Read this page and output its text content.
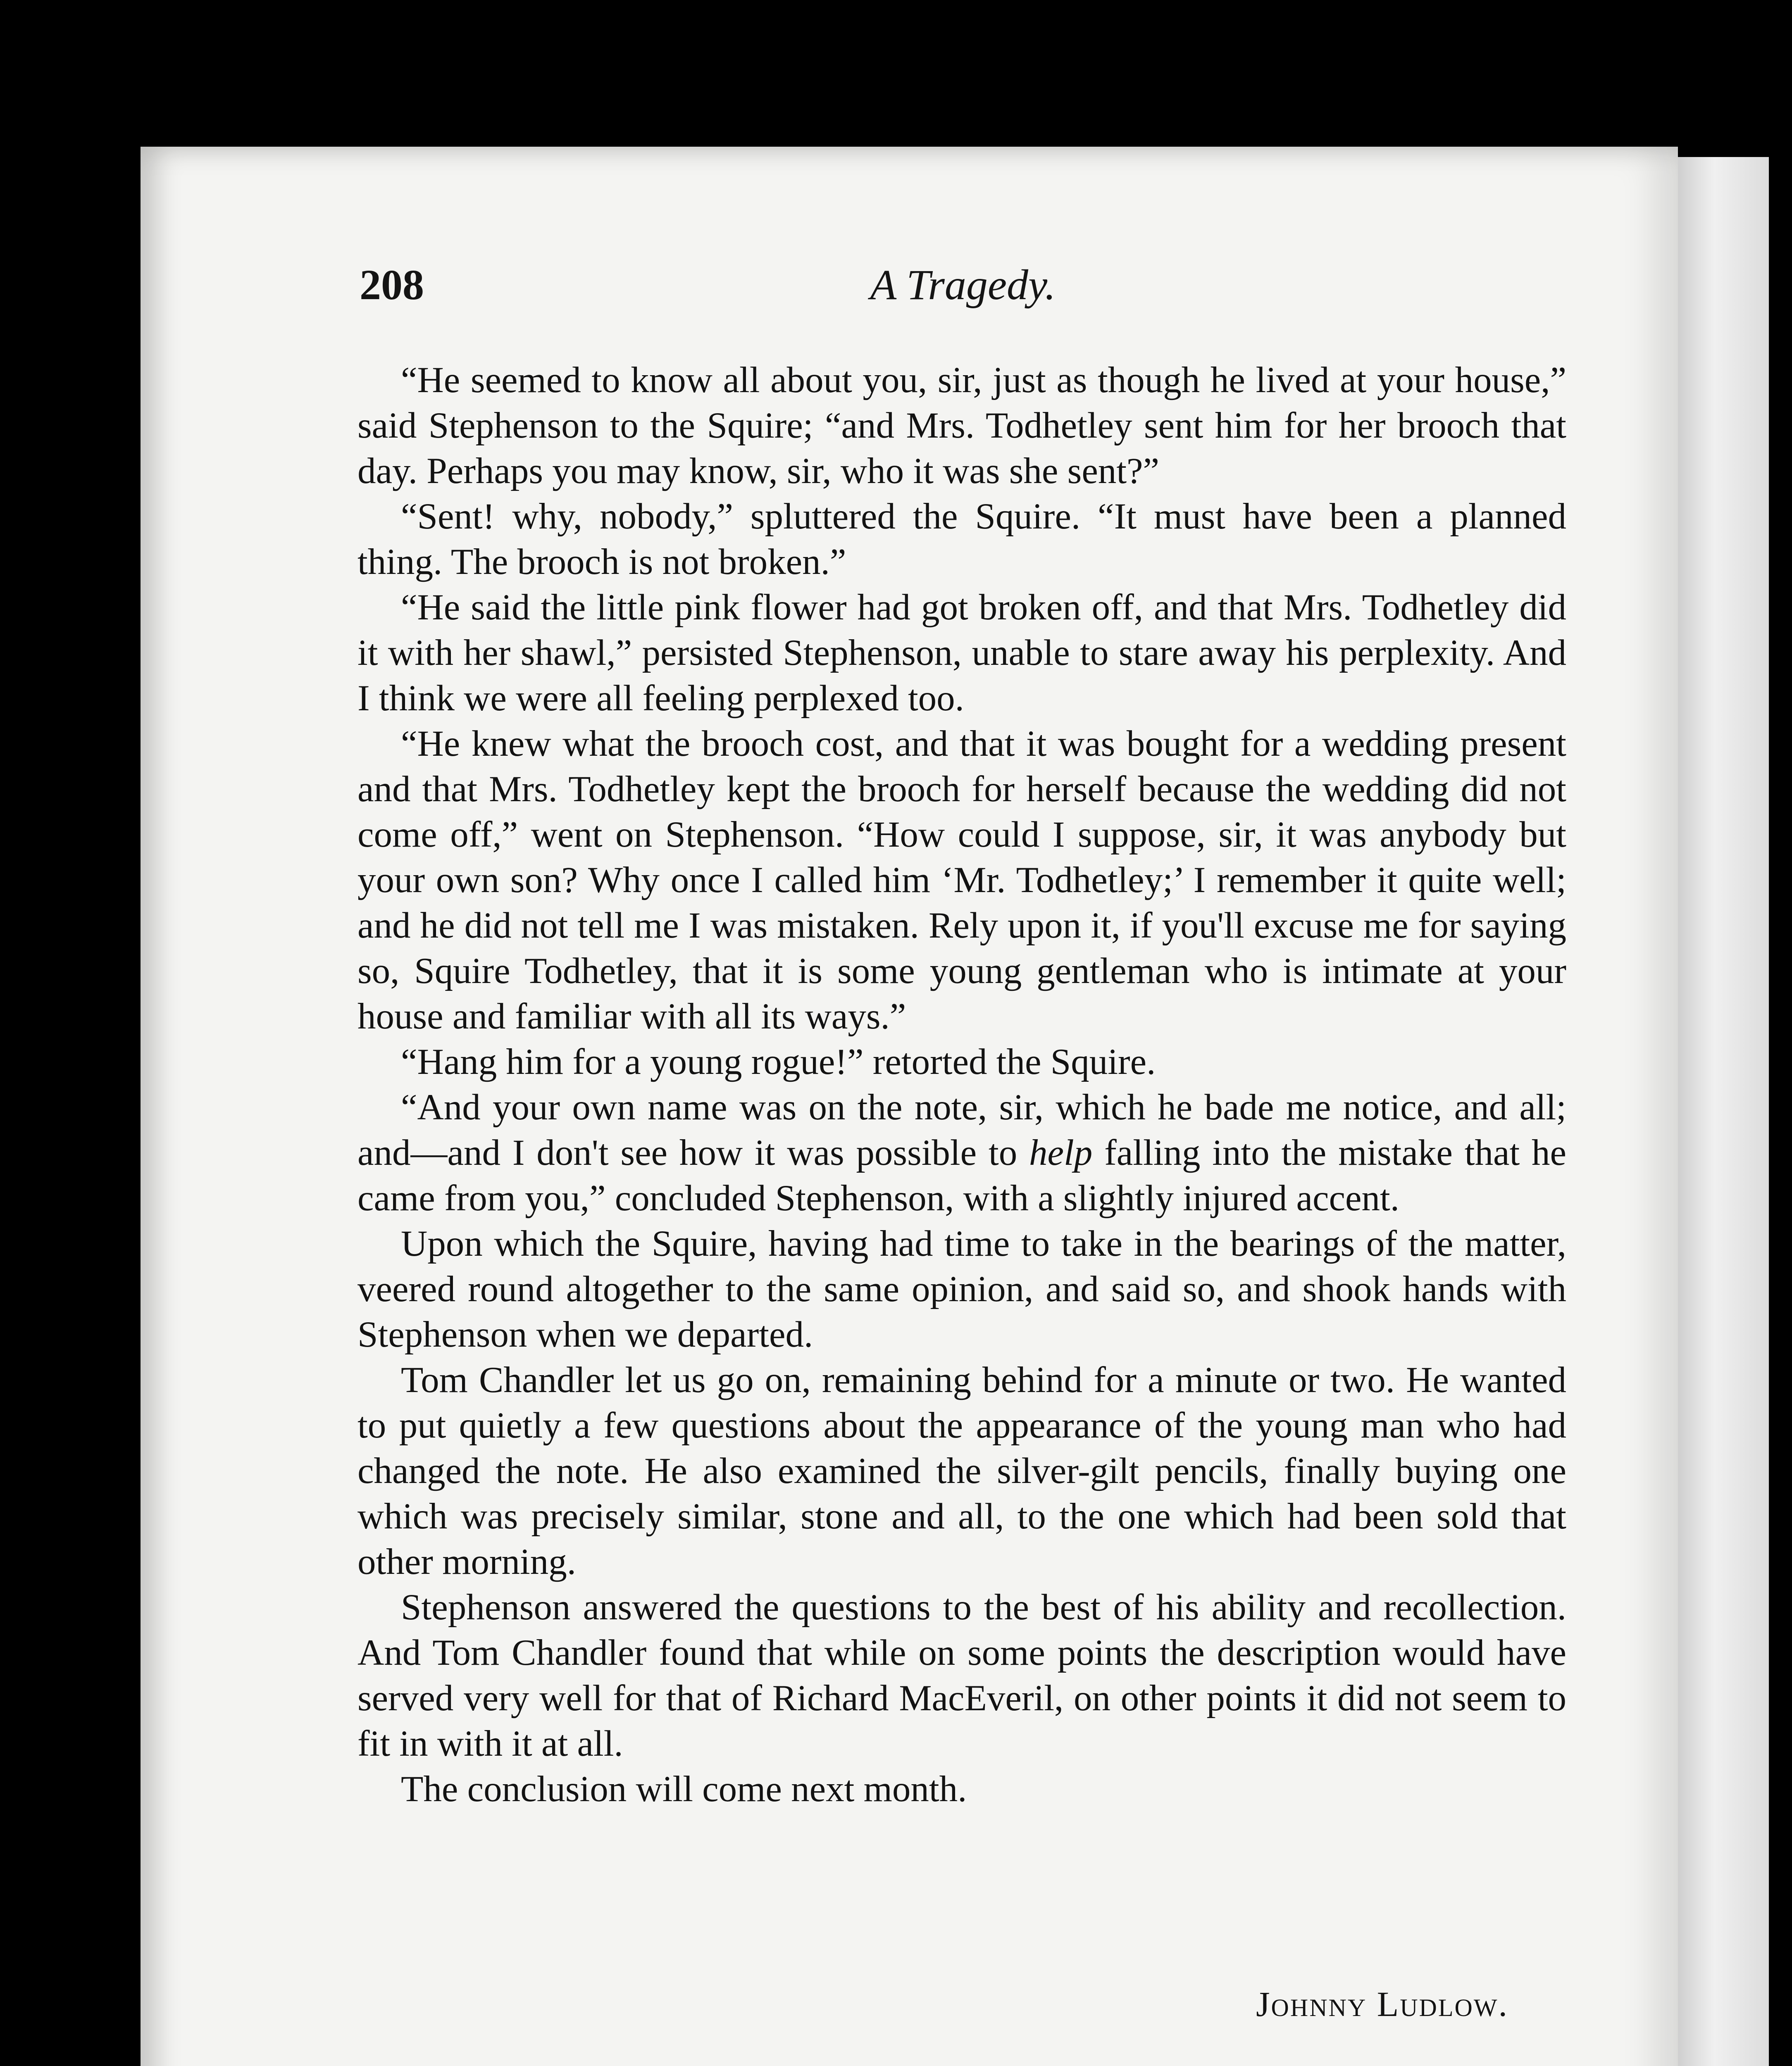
208	A Tragedy.

“He seemed to know all about you, sir, just as though he lived at your house,” said Stephenson to the Squire; “and Mrs. Todhetley sent him for her brooch that day. Perhaps you may know, sir, who it was she sent?”

“Sent! why, nobody,” spluttered the Squire. “It must have been a planned thing. The brooch is not broken.”

“He said the little pink flower had got broken off, and that Mrs. Todhetley did it with her shawl,” persisted Stephenson, unable to stare away his perplexity. And I think we were all feeling perplexed too.

“He knew what the brooch cost, and that it was bought for a wedding present and that Mrs. Todhetley kept the brooch for herself because the wedding did not come off,” went on Stephenson. “How could I suppose, sir, it was anybody but your own son? Why once I called him ‘Mr. Todhetley;’ I remember it quite well; and he did not tell me I was mistaken. Rely upon it, if you'll excuse me for saying so, Squire Todhetley, that it is some young gentleman who is intimate at your house and familiar with all its ways.”

“Hang him for a young rogue!” retorted the Squire.

“And your own name was on the note, sir, which he bade me notice, and all; and—and I don't see how it was possible to help falling into the mistake that he came from you,” concluded Stephenson, with a slightly injured accent.

Upon which the Squire, having had time to take in the bearings of the matter, veered round altogether to the same opinion, and said so, and shook hands with Stephenson when we departed.

Tom Chandler let us go on, remaining behind for a minute or two. He wanted to put quietly a few questions about the appearance of the young man who had changed the note. He also examined the silver-gilt pencils, finally buying one which was precisely similar, stone and all, to the one which had been sold that other morning.

Stephenson answered the questions to the best of his ability and recollection. And Tom Chandler found that while on some points the description would have served very well for that of Richard MacEveril, on other points it did not seem to fit in with it at all.

The conclusion will come next month.

Johnny Ludlow.
